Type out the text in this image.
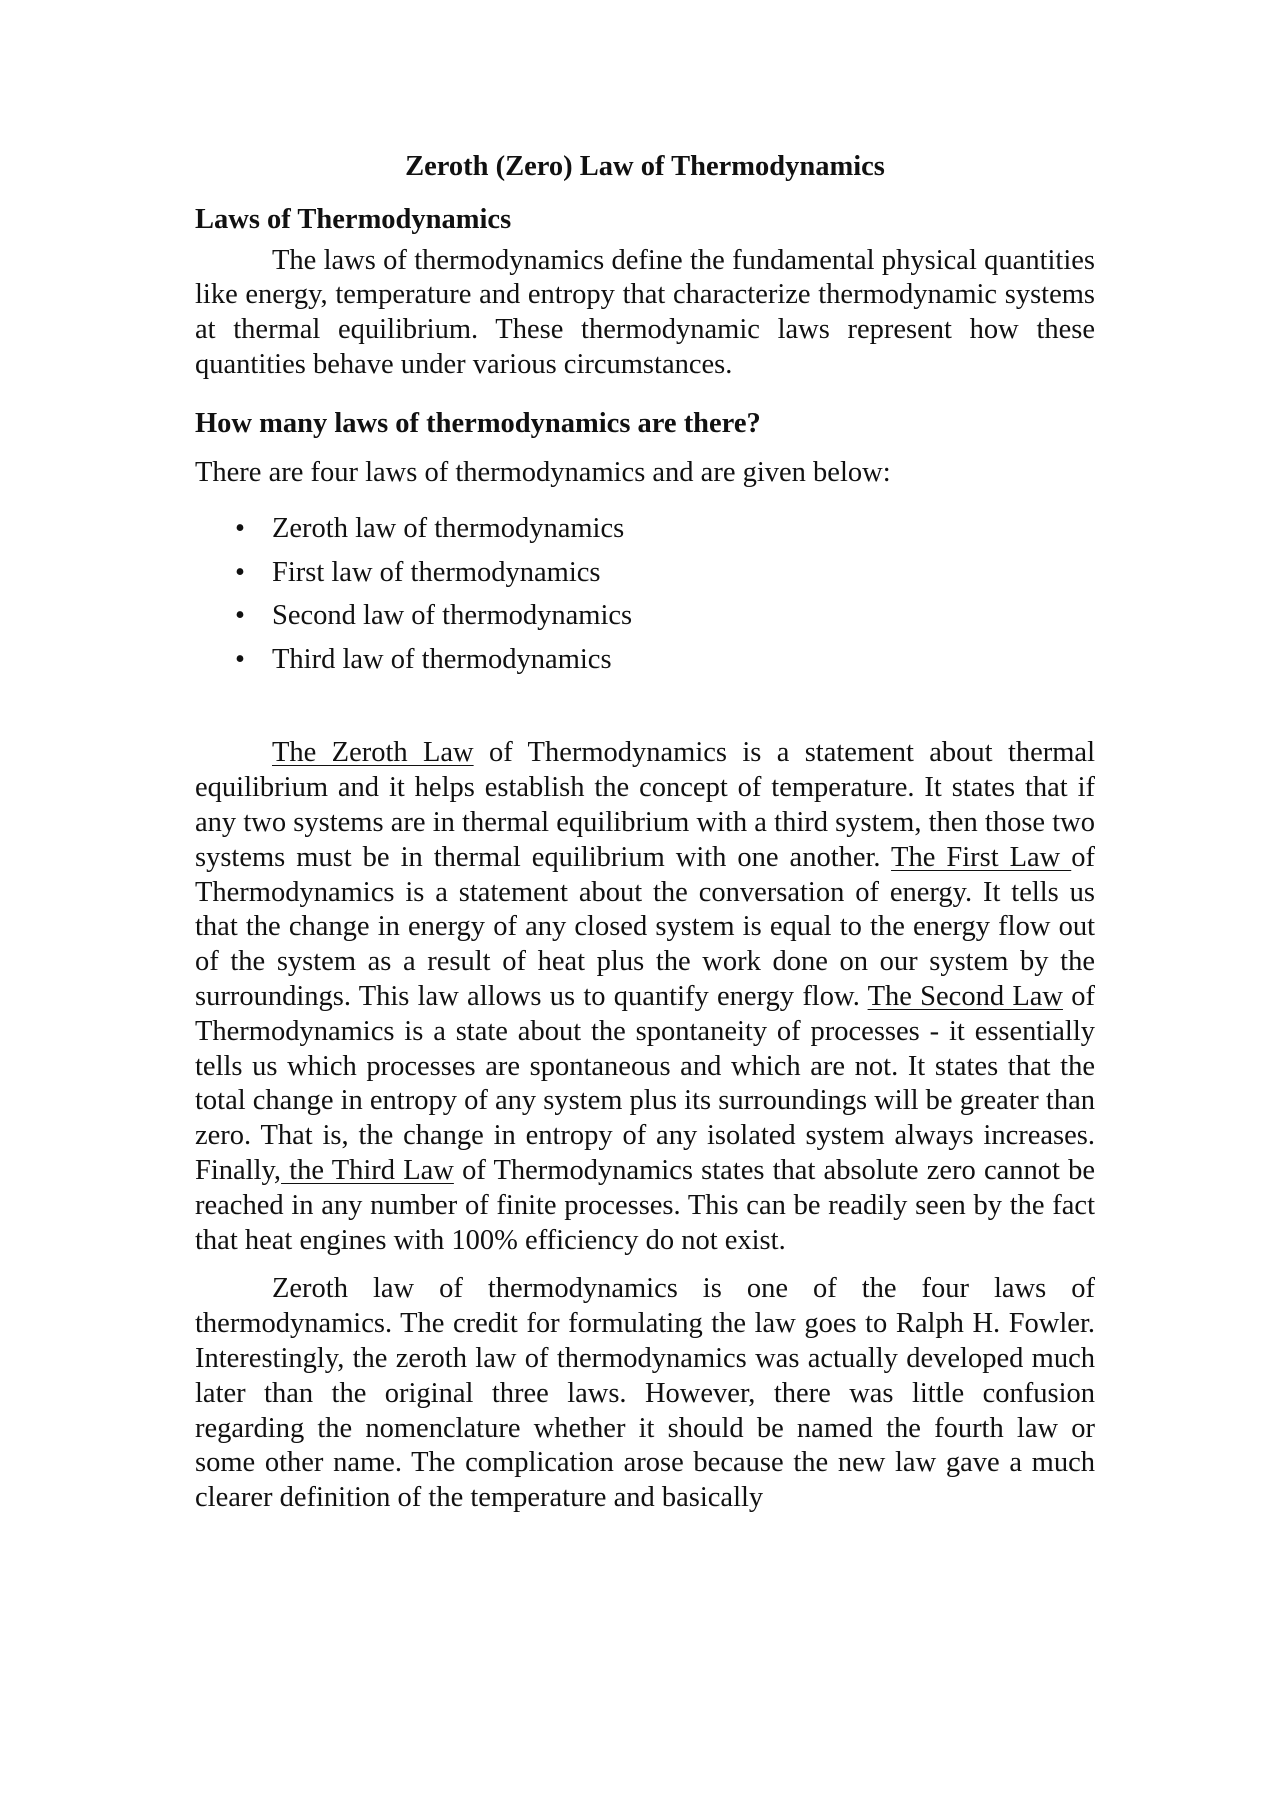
Zeroth (Zero) Law of Thermodynamics

Laws of Thermodynamics

The laws of thermodynamics define the fundamental physical quantities like energy, temperature and entropy that characterize thermodynamic systems at thermal equilibrium. These thermodynamic laws represent how these quantities behave under various circumstances.

How many laws of thermodynamics are there?

There are four laws of thermodynamics and are given below:

• Zeroth law of thermodynamics
• First law of thermodynamics
• Second law of thermodynamics
• Third law of thermodynamics

The Zeroth Law of Thermodynamics is a statement about thermal equilibrium and it helps establish the concept of temperature. It states that if any two systems are in thermal equilibrium with a third system, then those two systems must be in thermal equilibrium with one another. The First Law of Thermodynamics is a statement about the conversation of energy. It tells us that the change in energy of any closed system is equal to the energy flow out of the system as a result of heat plus the work done on our system by the surroundings. This law allows us to quantify energy flow. The Second Law of Thermodynamics is a state about the spontaneity of processes - it essentially tells us which processes are spontaneous and which are not. It states that the total change in entropy of any system plus its surroundings will be greater than zero. That is, the change in entropy of any isolated system always increases. Finally, the Third Law of Thermodynamics states that absolute zero cannot be reached in any number of finite processes. This can be readily seen by the fact that heat engines with 100% efficiency do not exist.

Zeroth law of thermodynamics is one of the four laws of thermodynamics. The credit for formulating the law goes to Ralph H. Fowler. Interestingly, the zeroth law of thermodynamics was actually developed much later than the original three laws. However, there was little confusion regarding the nomenclature whether it should be named the fourth law or some other name. The complication arose because the new law gave a much clearer definition of the temperature and basically
